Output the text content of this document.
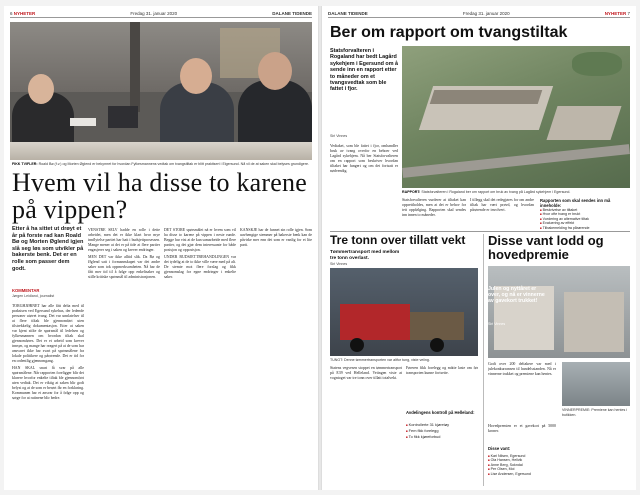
6 NYHETER	Fredag 31. januar 2020	DALANE TIDENDE
FIKK TVIFLER: Roald Bø (f.v.) og Morten Øglend er bekymret for hvordan Fylkesmannens vedtak om tvangstiltak er blitt praktisert i Eigersund. Nå vil de at saken skal belyses grundigere.
Hvem vil ha disse to karene på vippen?
Etter å ha sittet ut drøyt et år på forste rad kan Roald Bø og Morten Øglend igjen slå seg løs som utvikler på bakerste benk. Det er en rolle som passer dem godt.
KOMMENTAR
Jørgen Leidland, journalist
TORGHJØRNET har alle fått delta med til praksisen ved Egersund sykehus, der ledende personer utøvet tvang. Det var unnlatelser til at flere tiltak ble gjennomført uten tilstrekkelig dokumentasjon. Etter at saken var kjent stilte de spørsmål til ledelsen og fylkesmannen om hvordan tiltak skal gjennomføres. Det er et arbeid som krever innsyn, og mange har reagert på at de som har ansvaret ikke har svart på spørsmålene fra lokale politikere og pårørende. Det er tid for en ordentlig gjennomgang.
HAN SKAL snart få svar på alle spørsmålene. Når rapporten foreligger blir det klarere hvorfor enkelte tiltak ble gjennomført uten vedtak. Det er viktig at saken blir godt belyst og at de som er berørt får en forklaring. Kommunen har et ansvar for å følge opp og sørge for at rutinene blir bedre.
VENSTRE SELV hadde en rolle i dette arbeidet, men det er ikke klart hvor mye innflytelse partiet har hatt i budsjettprosessen. Mange mener at det er på tide at flere partier engasjerer seg i saken og krever endringer.
MEN DET var ikke alltid slik. Da Bø og Øglend satt i formannskapet var det andre saker som tok oppmerksomheten. Nå har de fått mer tid til å følge opp enkeltsaker og stille kritiske spørsmål til administrasjonen.
DET STORE spørsmålet nå er hvem som vil ha disse to karene på vippen i neste runde. Begge har vist at de kan samarbeide med flere partier, og det gjør dem interessante for både posisjon og opposisjon.
UNDER BUDSJETTBEHANDLINGEN var det tydelig at de to ikke ville være med på alt. De stemte mot flere forslag og fikk gjennomslag for egne endringer i enkelte saker.
KANSKJE har de funnet sin rolle igjen. Som uavhengige stemmer på bakerste benk kan de påvirke mer enn det som er vanlig for et lite parti.
DALANE TIDENDE	Fredag 31. januar 2020	NYHETER 7
Ber om rapport om tvangstiltak
Statsforvalteren i Rogaland har bedt Lagård sykehjem i Egersund om å sende inn en rapport etter to måneder om et tvangsvedtak som ble fattet i fjor.
Siri Vinnes
RAPPORT: Statsforvalteren i Rogaland ber om rapport om bruk av tvang på Lagård sykehjem i Egersund.
Vedtaket, som ble fattet i fjor, omhandler bruk av tvang overfor en beboer ved Lagård sykehjem. Nå ber Statsforvalteren om en rapport som beskriver hvordan tiltaket har fungert og om det fortsatt er nødvendig.
Statsforvalteren vurderer at tiltaket kan opprettholdes, men at det er behov for tett oppfølging. Rapporten skal sendes inn innen to måneder.
I tillegg skal det redegjøres for om andre tiltak har vært prøvd, og hvordan pårørende er involvert.
Rapporten som skal sendes inn må inneholde:
■ Beskrivelse av tiltaket
■ Hvor ofte tvang er brukt
■ Vurdering av alternative tiltak
■ Evaluering av effekt
■ Tilbakemelding fra pårørende
Tre tonn over tillatt vekt
Tømmertransport med mellom tre tonn overlast.
Siri Vinnes
TUNGT: Denne tømmertransporten var altfor tung, viste veiing.
Statens vegvesen stoppet en tømmertransport på E39 ved Helleland. Veiingen viste at vogntoget var tre tonn over tillatt totalvekt.
Føreren fikk forelegg og måtte laste om før transporten kunne fortsette.
Avdelingens kontroll på Helleland:
■ Kontrollerte 31 kjøretøy
■ Fem fikk forelegg
■ To fikk kjøreforbud
Disse vant lodd og hovedpremie
Julen og nyttåret er over, og nå er vinnerne av gavekort trukket!
Siri Vinnes
Godt over 200 deltakere var med i julekonkurransen til handelsstanden. Nå er vinnerne trukket og premiene kan hentes.
Hovedpremien er et gavekort på 5000 kroner.
Disse vant:
■ Kari Nilsen, Egersund
■ Ola Hansen, Hellvik
■ Anne Berg, Sokndal
■ Per Olsen, Moi
■ Lise Andersen, Egersund
VINNERPREMIE: Premiene kan hentes i butikken.
